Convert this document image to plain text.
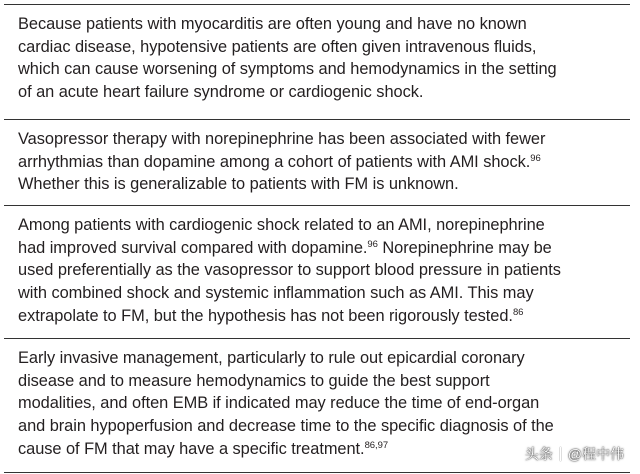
Because patients with myocarditis are often young and have no known
cardiac disease, hypotensive patients are often given intravenous fluids,
which can cause worsening of symptoms and hemodynamics in the setting
of an acute heart failure syndrome or cardiogenic shock.

Vasopressor therapy with norepinephrine has been associated with fewer
arrhythmias than dopamine among a cohort of patients with AMI shock.$^{96}$
Whether this is generalizable to patients with FM is unknown.

Among patients with cardiogenic shock related to an AMI, norepinephrine
had improved survival compared with dopamine.$^{96}$ Norepinephrine may be
used preferentially as the vasopressor to support blood pressure in patients
with combined shock and systemic inflammation such as AMI. This may
extrapolate to FM, but the hypothesis has not been rigorously tested.$^{86}$

Early invasive management, particularly to rule out epicardial coronary
disease and to measure hemodynamics to guide the best support
modalities, and often EMB if indicated may reduce the time of end-organ
and brain hypoperfusion and decrease time to the specific diagnosis of the
cause of FM that may have a specific treatment.$^{86,97}$

头条 @程中伟
